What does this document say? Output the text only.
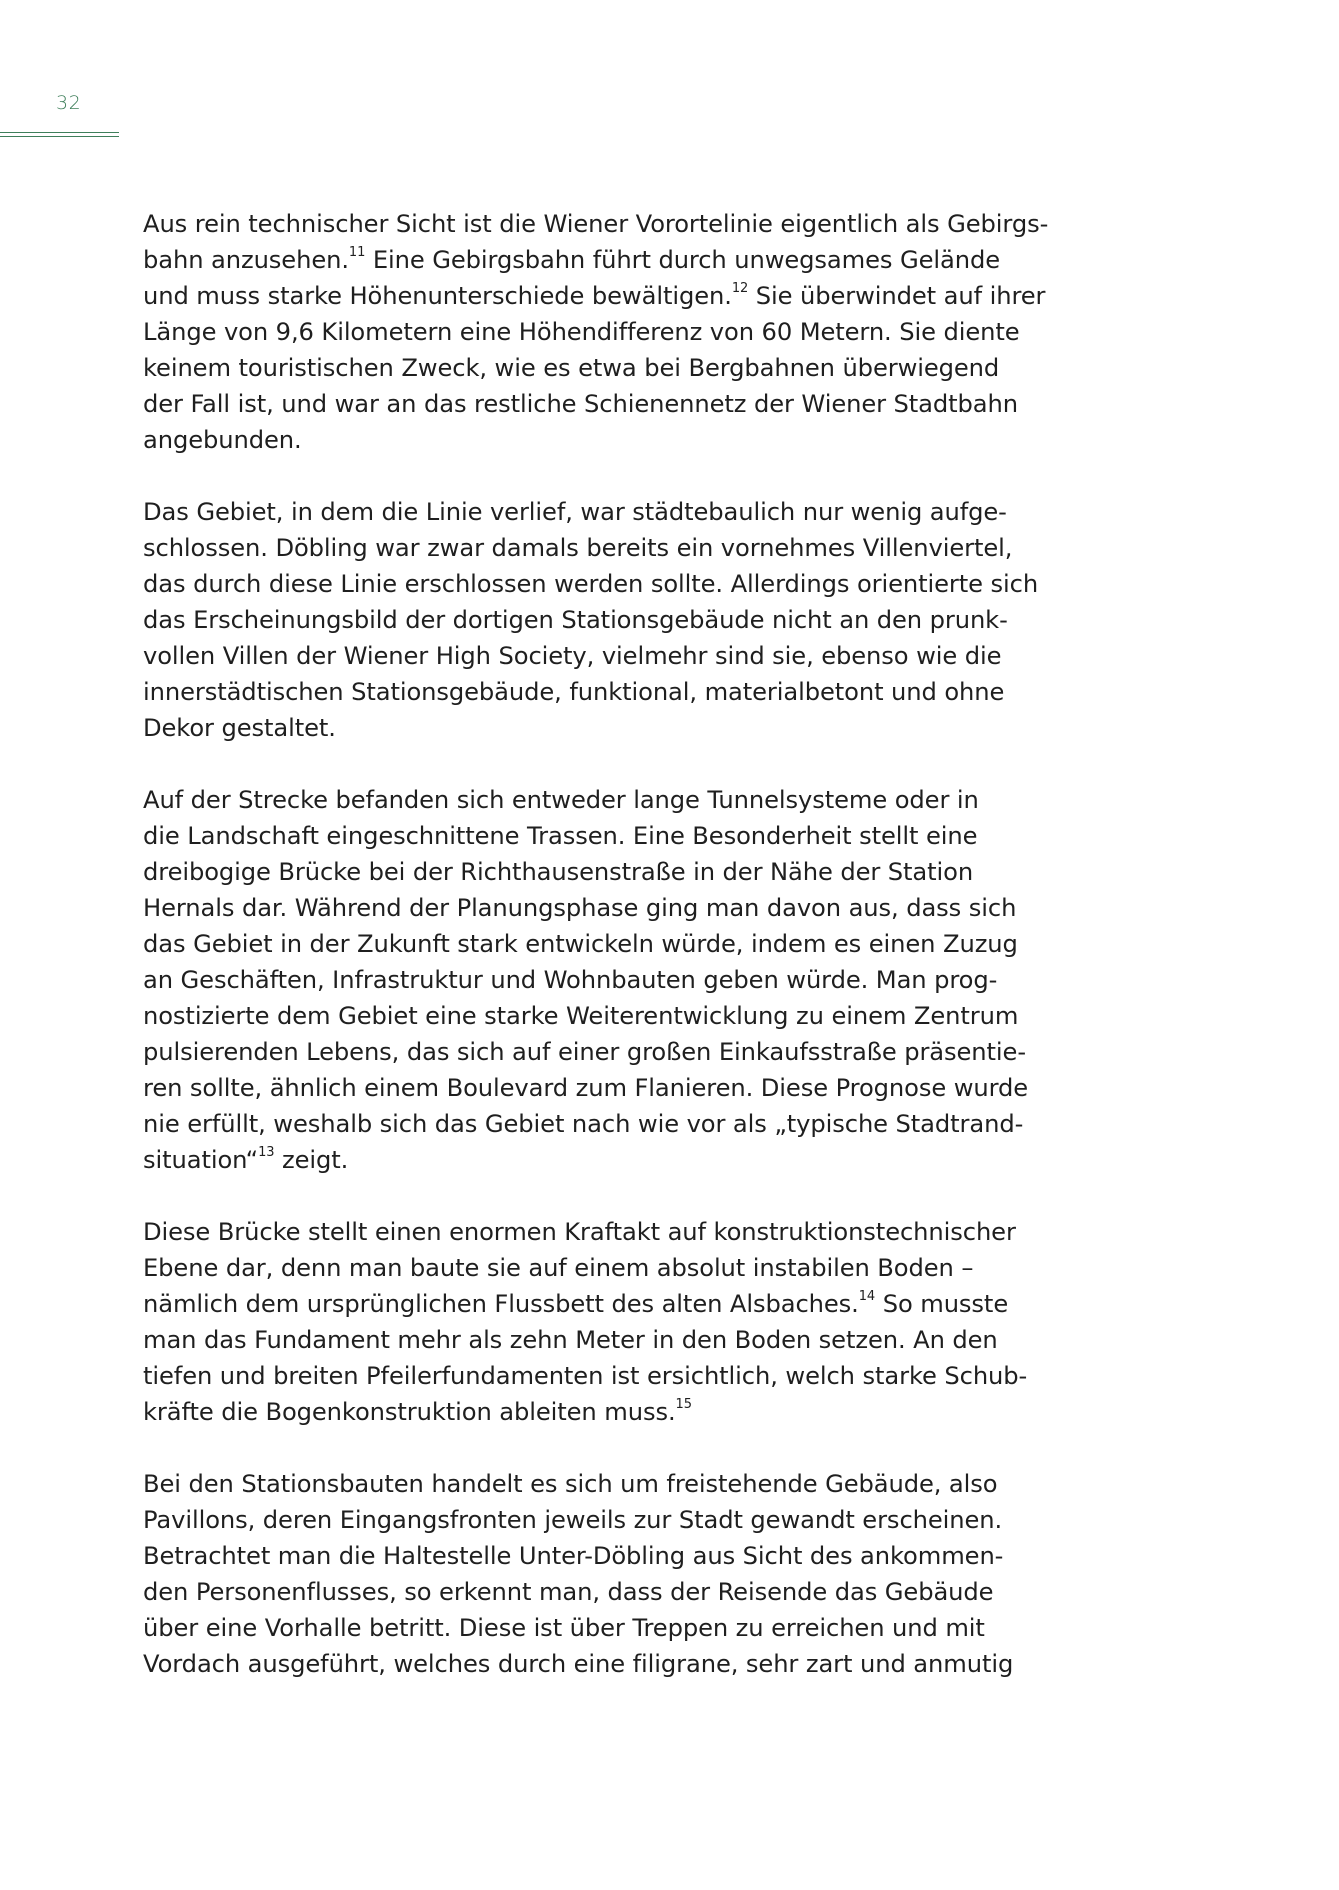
32
Aus rein technischer Sicht ist die Wiener Vorortelinie eigentlich als Gebirgs-
bahn anzusehen.$^{11}$ Eine Gebirgsbahn führt durch unwegsames Gelände
und muss starke Höhenunterschiede bewältigen.$^{12}$ Sie überwindet auf ihrer
Länge von 9,6 Kilometern eine Höhendifferenz von 60 Metern. Sie diente
keinem touristischen Zweck, wie es etwa bei Bergbahnen überwiegend
der Fall ist, und war an das restliche Schienennetz der Wiener Stadtbahn
angebunden.
Das Gebiet, in dem die Linie verlief, war städtebaulich nur wenig aufge-
schlossen. Döbling war zwar damals bereits ein vornehmes Villenviertel,
das durch diese Linie erschlossen werden sollte. Allerdings orientierte sich
das Erscheinungsbild der dortigen Stationsgebäude nicht an den prunk-
vollen Villen der Wiener High Society, vielmehr sind sie, ebenso wie die
innerstädtischen Stationsgebäude, funktional, materialbetont und ohne
Dekor gestaltet.
Auf der Strecke befanden sich entweder lange Tunnelsysteme oder in
die Landschaft eingeschnittene Trassen. Eine Besonderheit stellt eine
dreibogige Brücke bei der Richthausenstraße in der Nähe der Station
Hernals dar. Während der Planungsphase ging man davon aus, dass sich
das Gebiet in der Zukunft stark entwickeln würde, indem es einen Zuzug
an Geschäften, Infrastruktur und Wohnbauten geben würde. Man prog-
nostizierte dem Gebiet eine starke Weiterentwicklung zu einem Zentrum
pulsierenden Lebens, das sich auf einer großen Einkaufsstraße präsentie-
ren sollte, ähnlich einem Boulevard zum Flanieren. Diese Prognose wurde
nie erfüllt, weshalb sich das Gebiet nach wie vor als „typische Stadtrand-
situation“$^{13}$ zeigt.
Diese Brücke stellt einen enormen Kraftakt auf konstruktionstechnischer
Ebene dar, denn man baute sie auf einem absolut instabilen Boden –
nämlich dem ursprünglichen Flussbett des alten Alsbaches.$^{14}$ So musste
man das Fundament mehr als zehn Meter in den Boden setzen. An den
tiefen und breiten Pfeilerfundamenten ist ersichtlich, welch starke Schub-
kräfte die Bogenkonstruktion ableiten muss.$^{15}$
Bei den Stationsbauten handelt es sich um freistehende Gebäude, also
Pavillons, deren Eingangsfronten jeweils zur Stadt gewandt erscheinen.
Betrachtet man die Haltestelle Unter-Döbling aus Sicht des ankommen-
den Personenflusses, so erkennt man, dass der Reisende das Gebäude
über eine Vorhalle betritt. Diese ist über Treppen zu erreichen und mit
Vordach ausgeführt, welches durch eine filigrane, sehr zart und anmutig
